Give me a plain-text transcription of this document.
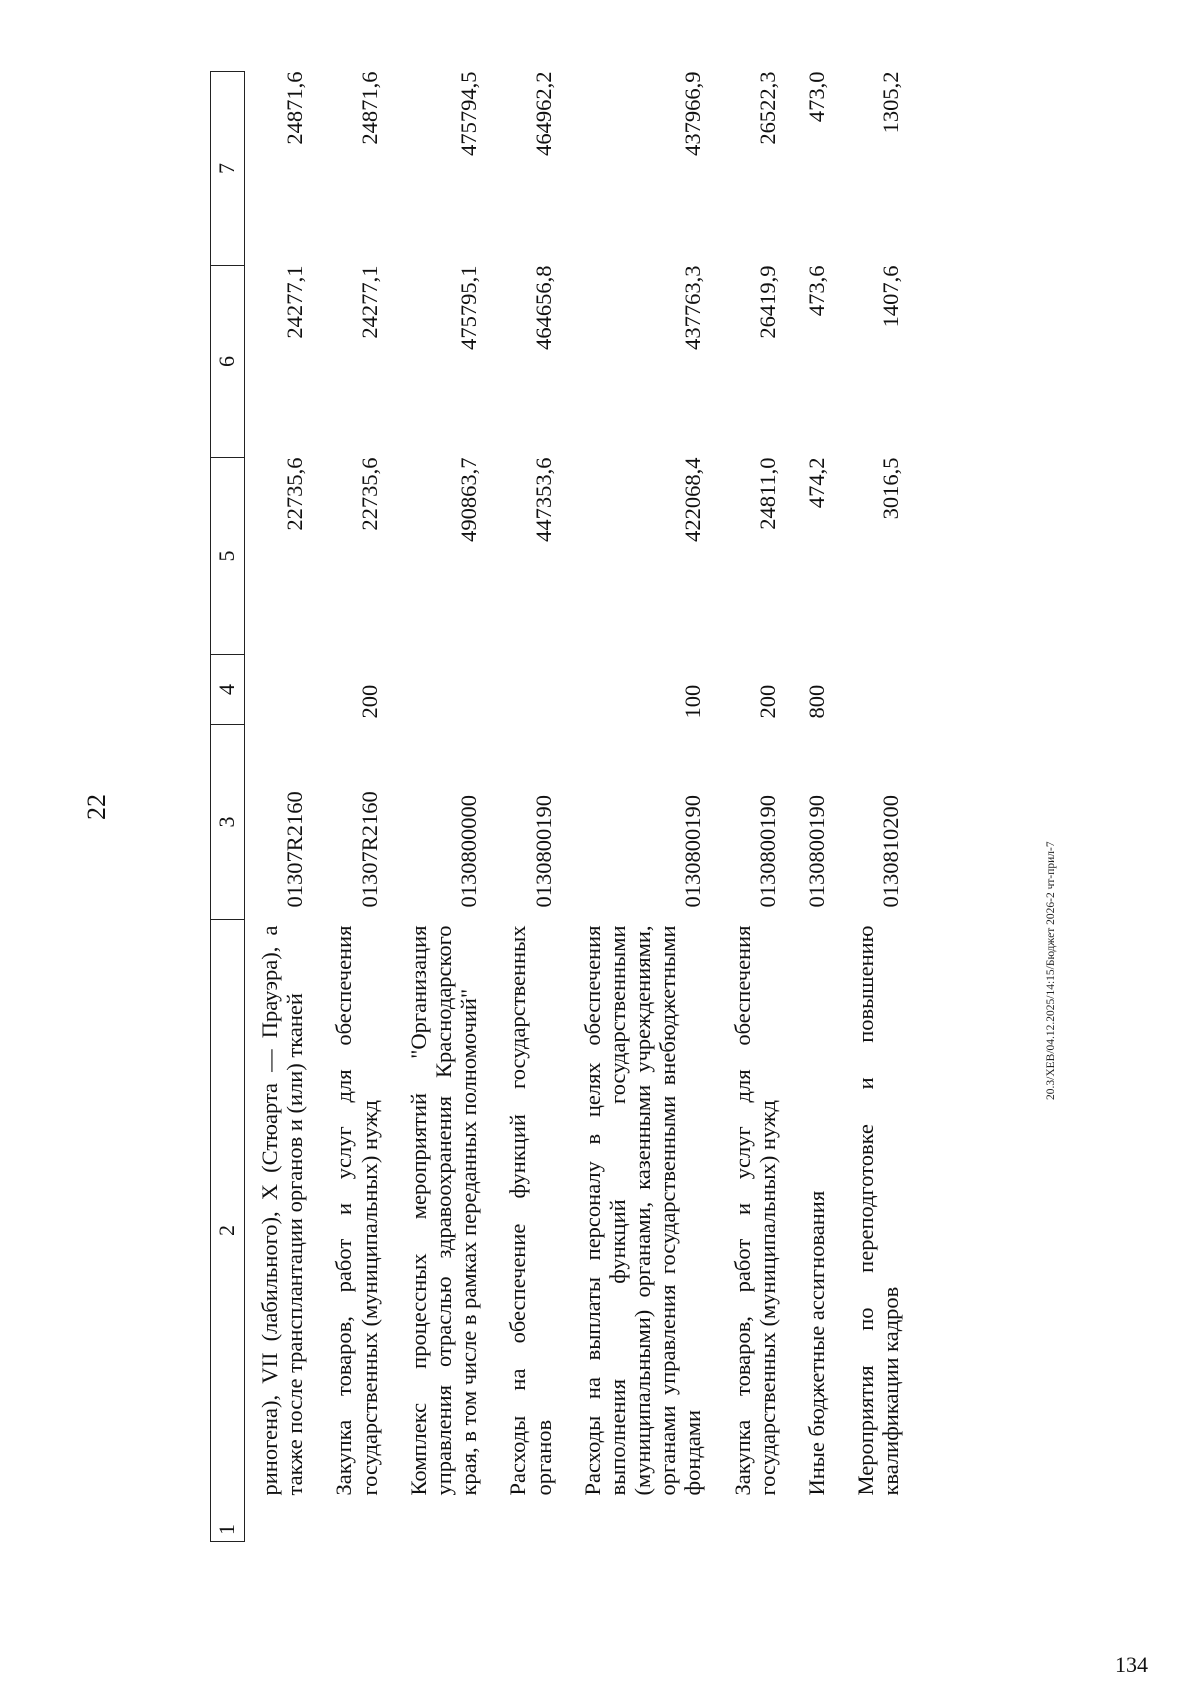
22
1	2	3	4	5	6	7
	риногена), VII (лабильного), X (Стюарта — Прауэра), а также после трансплантации органов и (или) тканей	01307R2160		22735,6	24277,1	24871,6
	Закупка товаров, работ и услуг для обеспечения государственных (муниципальных) нужд	01307R2160	200	22735,6	24277,1	24871,6
	Комплекс процессных мероприятий "Организация управления отраслью здравоохранения Краснодарского края, в том числе в рамках переданных полномочий"	0130800000		490863,7	475795,1	475794,5
	Расходы на обеспечение функций государственных органов	0130800190		447353,6	464656,8	464962,2
	Расходы на выплаты персоналу в целях обеспечения выполнения функций государственными (муниципальными) органами, казенными учреждениями, органами управления государственными внебюджетными фондами	0130800190	100	422068,4	437763,3	437966,9
	Закупка товаров, работ и услуг для обеспечения государственных (муниципальных) нужд	0130800190	200	24811,0	26419,9	26522,3
	Иные бюджетные ассигнования	0130800190	800	474,2	473,6	473,0
	Мероприятия по переподготовке и повышению квалификации кадров	0130810200		3016,5	1407,6	1305,2
20.3/XEB/04.12.2025/14:15/Бюджет 2026-2 чт-прил-7
134
